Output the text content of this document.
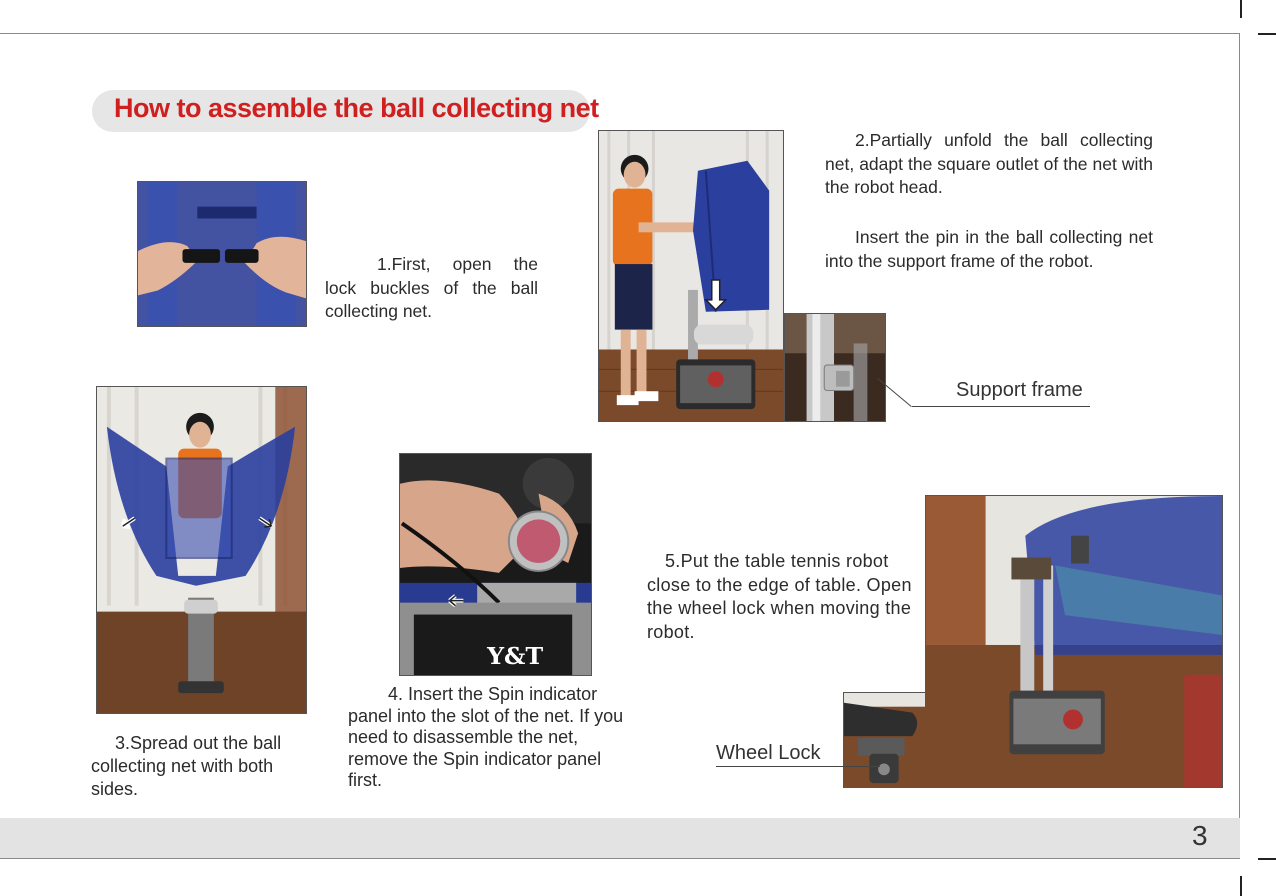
How to assemble the ball collecting net
1.First, open the lock buckles of the ball collecting net.
2.Partially unfold the ball collecting net, adapt the square outlet of the net with the robot head.
Insert the pin in the ball collecting net into the support frame of the robot.
Support frame
3.Spread out the ball collecting net with both sides.
Y&T
4. Insert the Spin indicator panel into the slot of the net. If you need to disassemble the net, remove the Spin indicator panel first.
5.Put the table tennis robot close to the edge of table. Open the wheel lock when moving the robot.
Wheel Lock
3
